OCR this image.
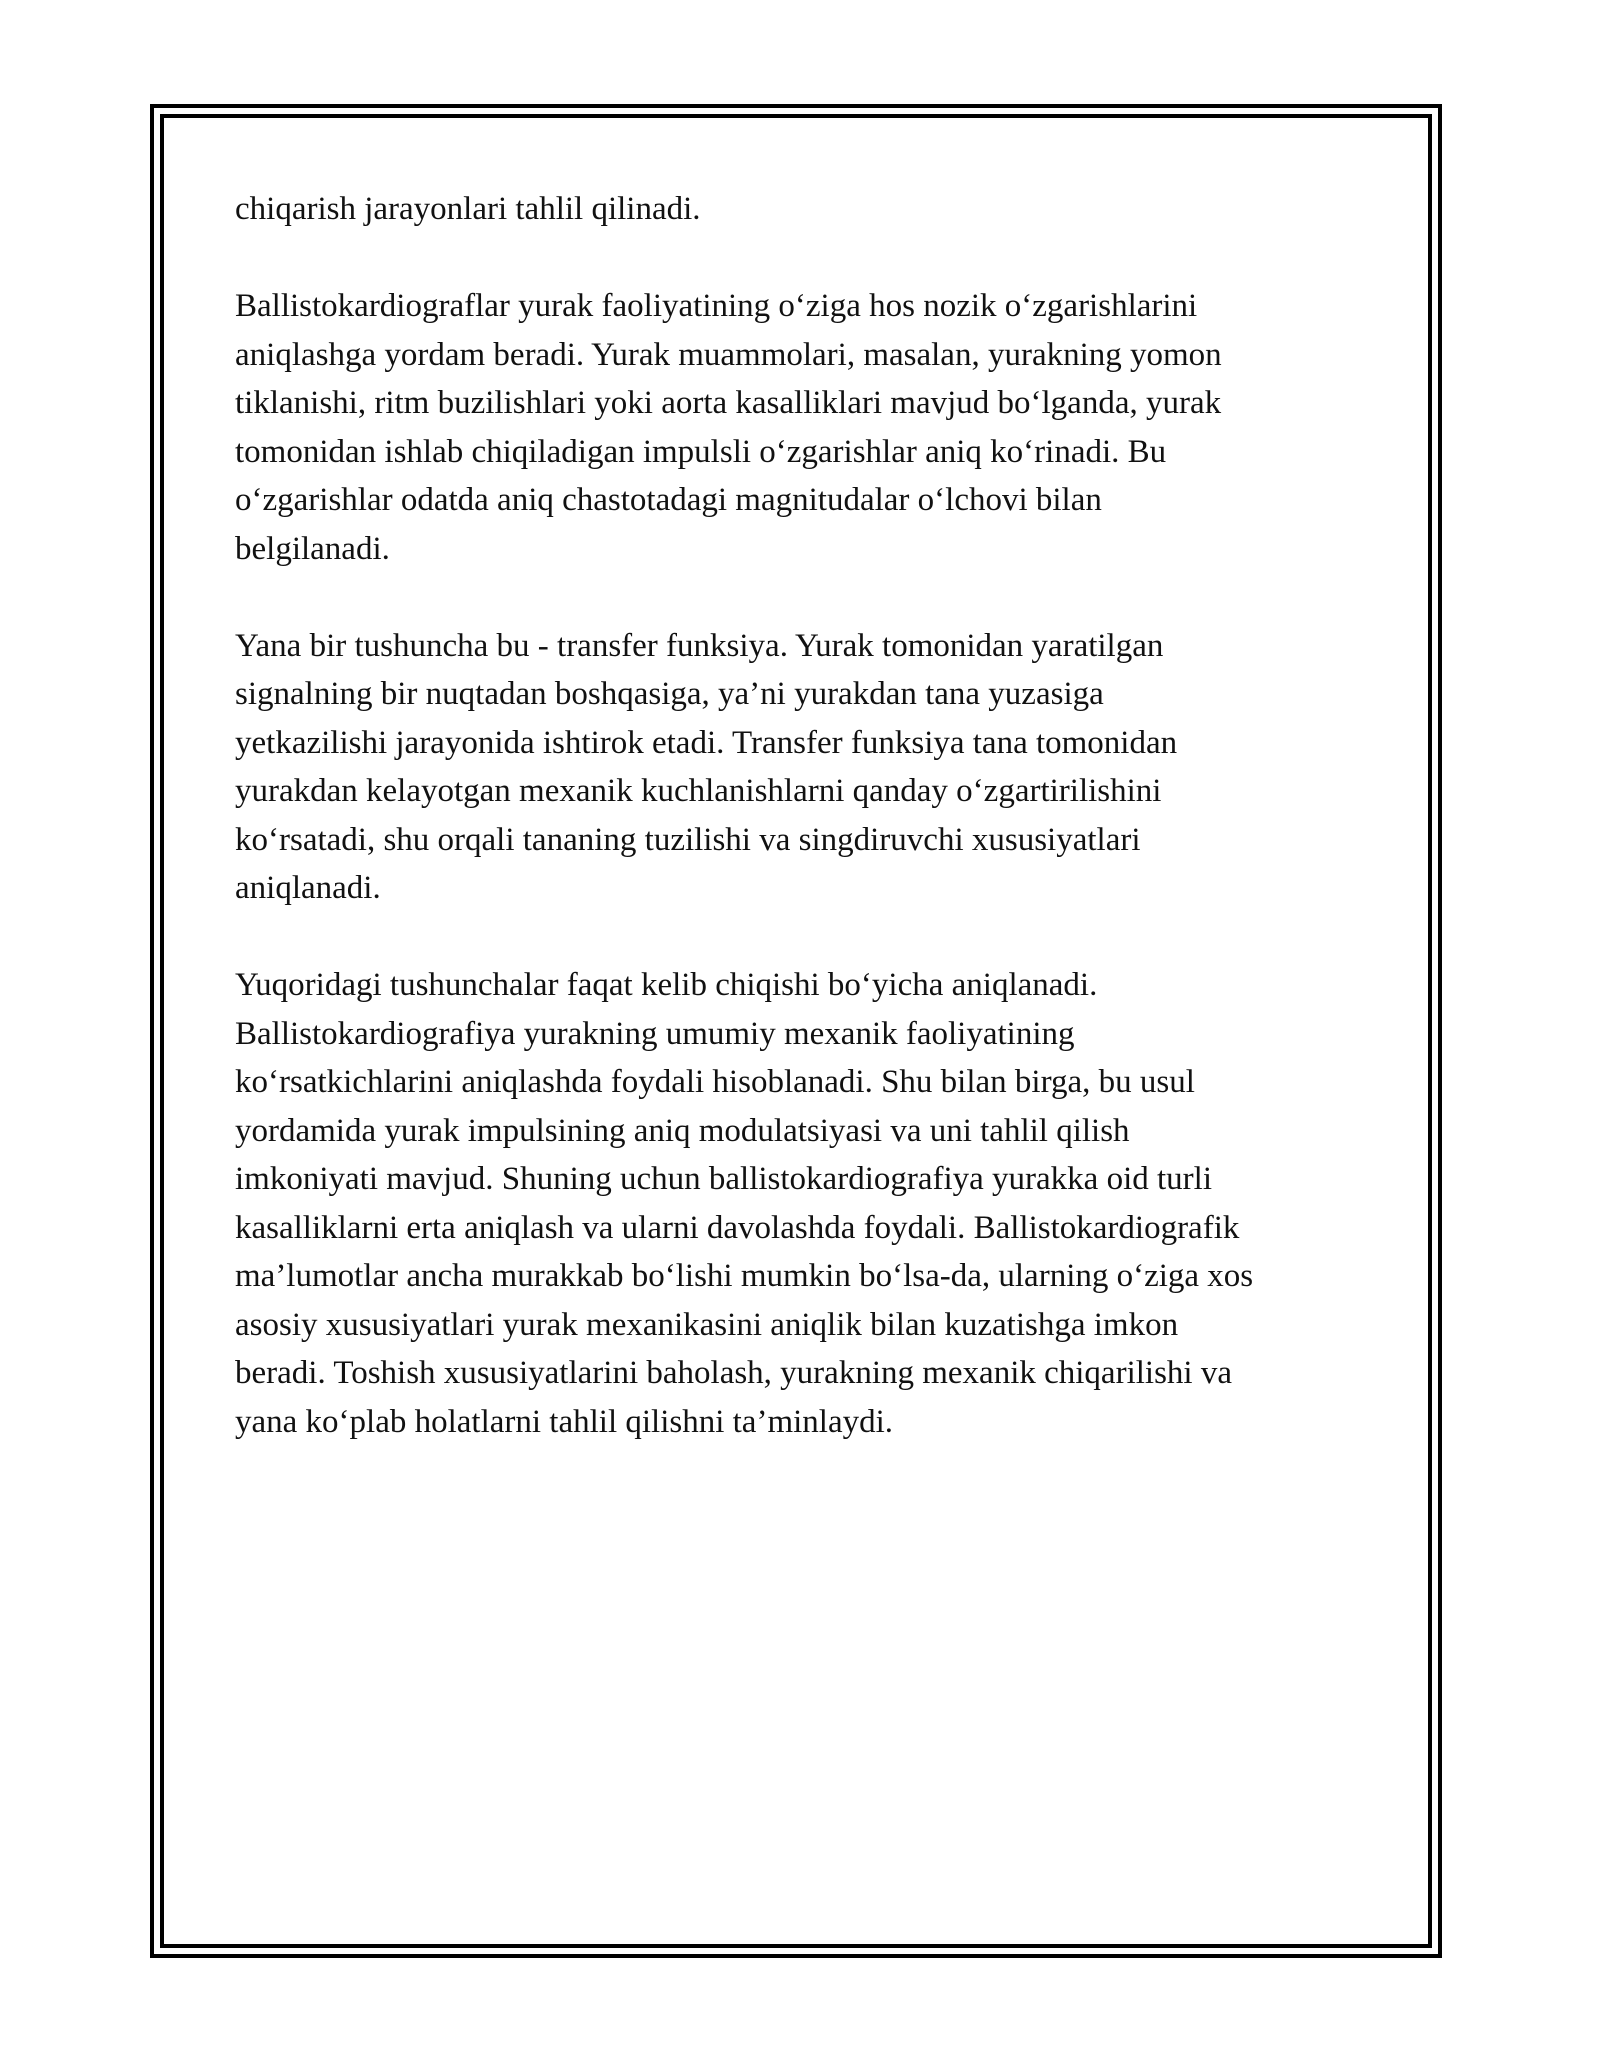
chiqarish jarayonlari tahlil qilinadi.

Ballistokardiograflar yurak faoliyatining o‘ziga hos nozik o‘zgarishlarini
aniqlashga yordam beradi. Yurak muammolari, masalan, yurakning yomon
tiklanishi, ritm buzilishlari yoki aorta kasalliklari mavjud bo‘lganda, yurak
tomonidan ishlab chiqiladigan impulsli o‘zgarishlar aniq ko‘rinadi. Bu
o‘zgarishlar odatda aniq chastotadagi magnitudalar o‘lchovi bilan
belgilanadi.

Yana bir tushuncha bu - transfer funksiya. Yurak tomonidan yaratilgan
signalning bir nuqtadan boshqasiga, ya’ni yurakdan tana yuzasiga
yetkazilishi jarayonida ishtirok etadi. Transfer funksiya tana tomonidan
yurakdan kelayotgan mexanik kuchlanishlarni qanday o‘zgartirilishini
ko‘rsatadi, shu orqali tananing tuzilishi va singdiruvchi xususiyatlari
aniqlanadi.

Yuqoridagi tushunchalar faqat kelib chiqishi bo‘yicha aniqlanadi.
Ballistokardiografiya yurakning umumiy mexanik faoliyatining
ko‘rsatkichlarini aniqlashda foydali hisoblanadi. Shu bilan birga, bu usul
yordamida yurak impulsining aniq modulatsiyasi va uni tahlil qilish
imkoniyati mavjud. Shuning uchun ballistokardiografiya yurakka oid turli
kasalliklarni erta aniqlash va ularni davolashda foydali. Ballistokardiografik
ma’lumotlar ancha murakkab bo‘lishi mumkin bo‘lsa-da, ularning o‘ziga xos
asosiy xususiyatlari yurak mexanikasini aniqlik bilan kuzatishga imkon
beradi. Toshish xususiyatlarini baholash, yurakning mexanik chiqarilishi va
yana ko‘plab holatlarni tahlil qilishni ta’minlaydi.
